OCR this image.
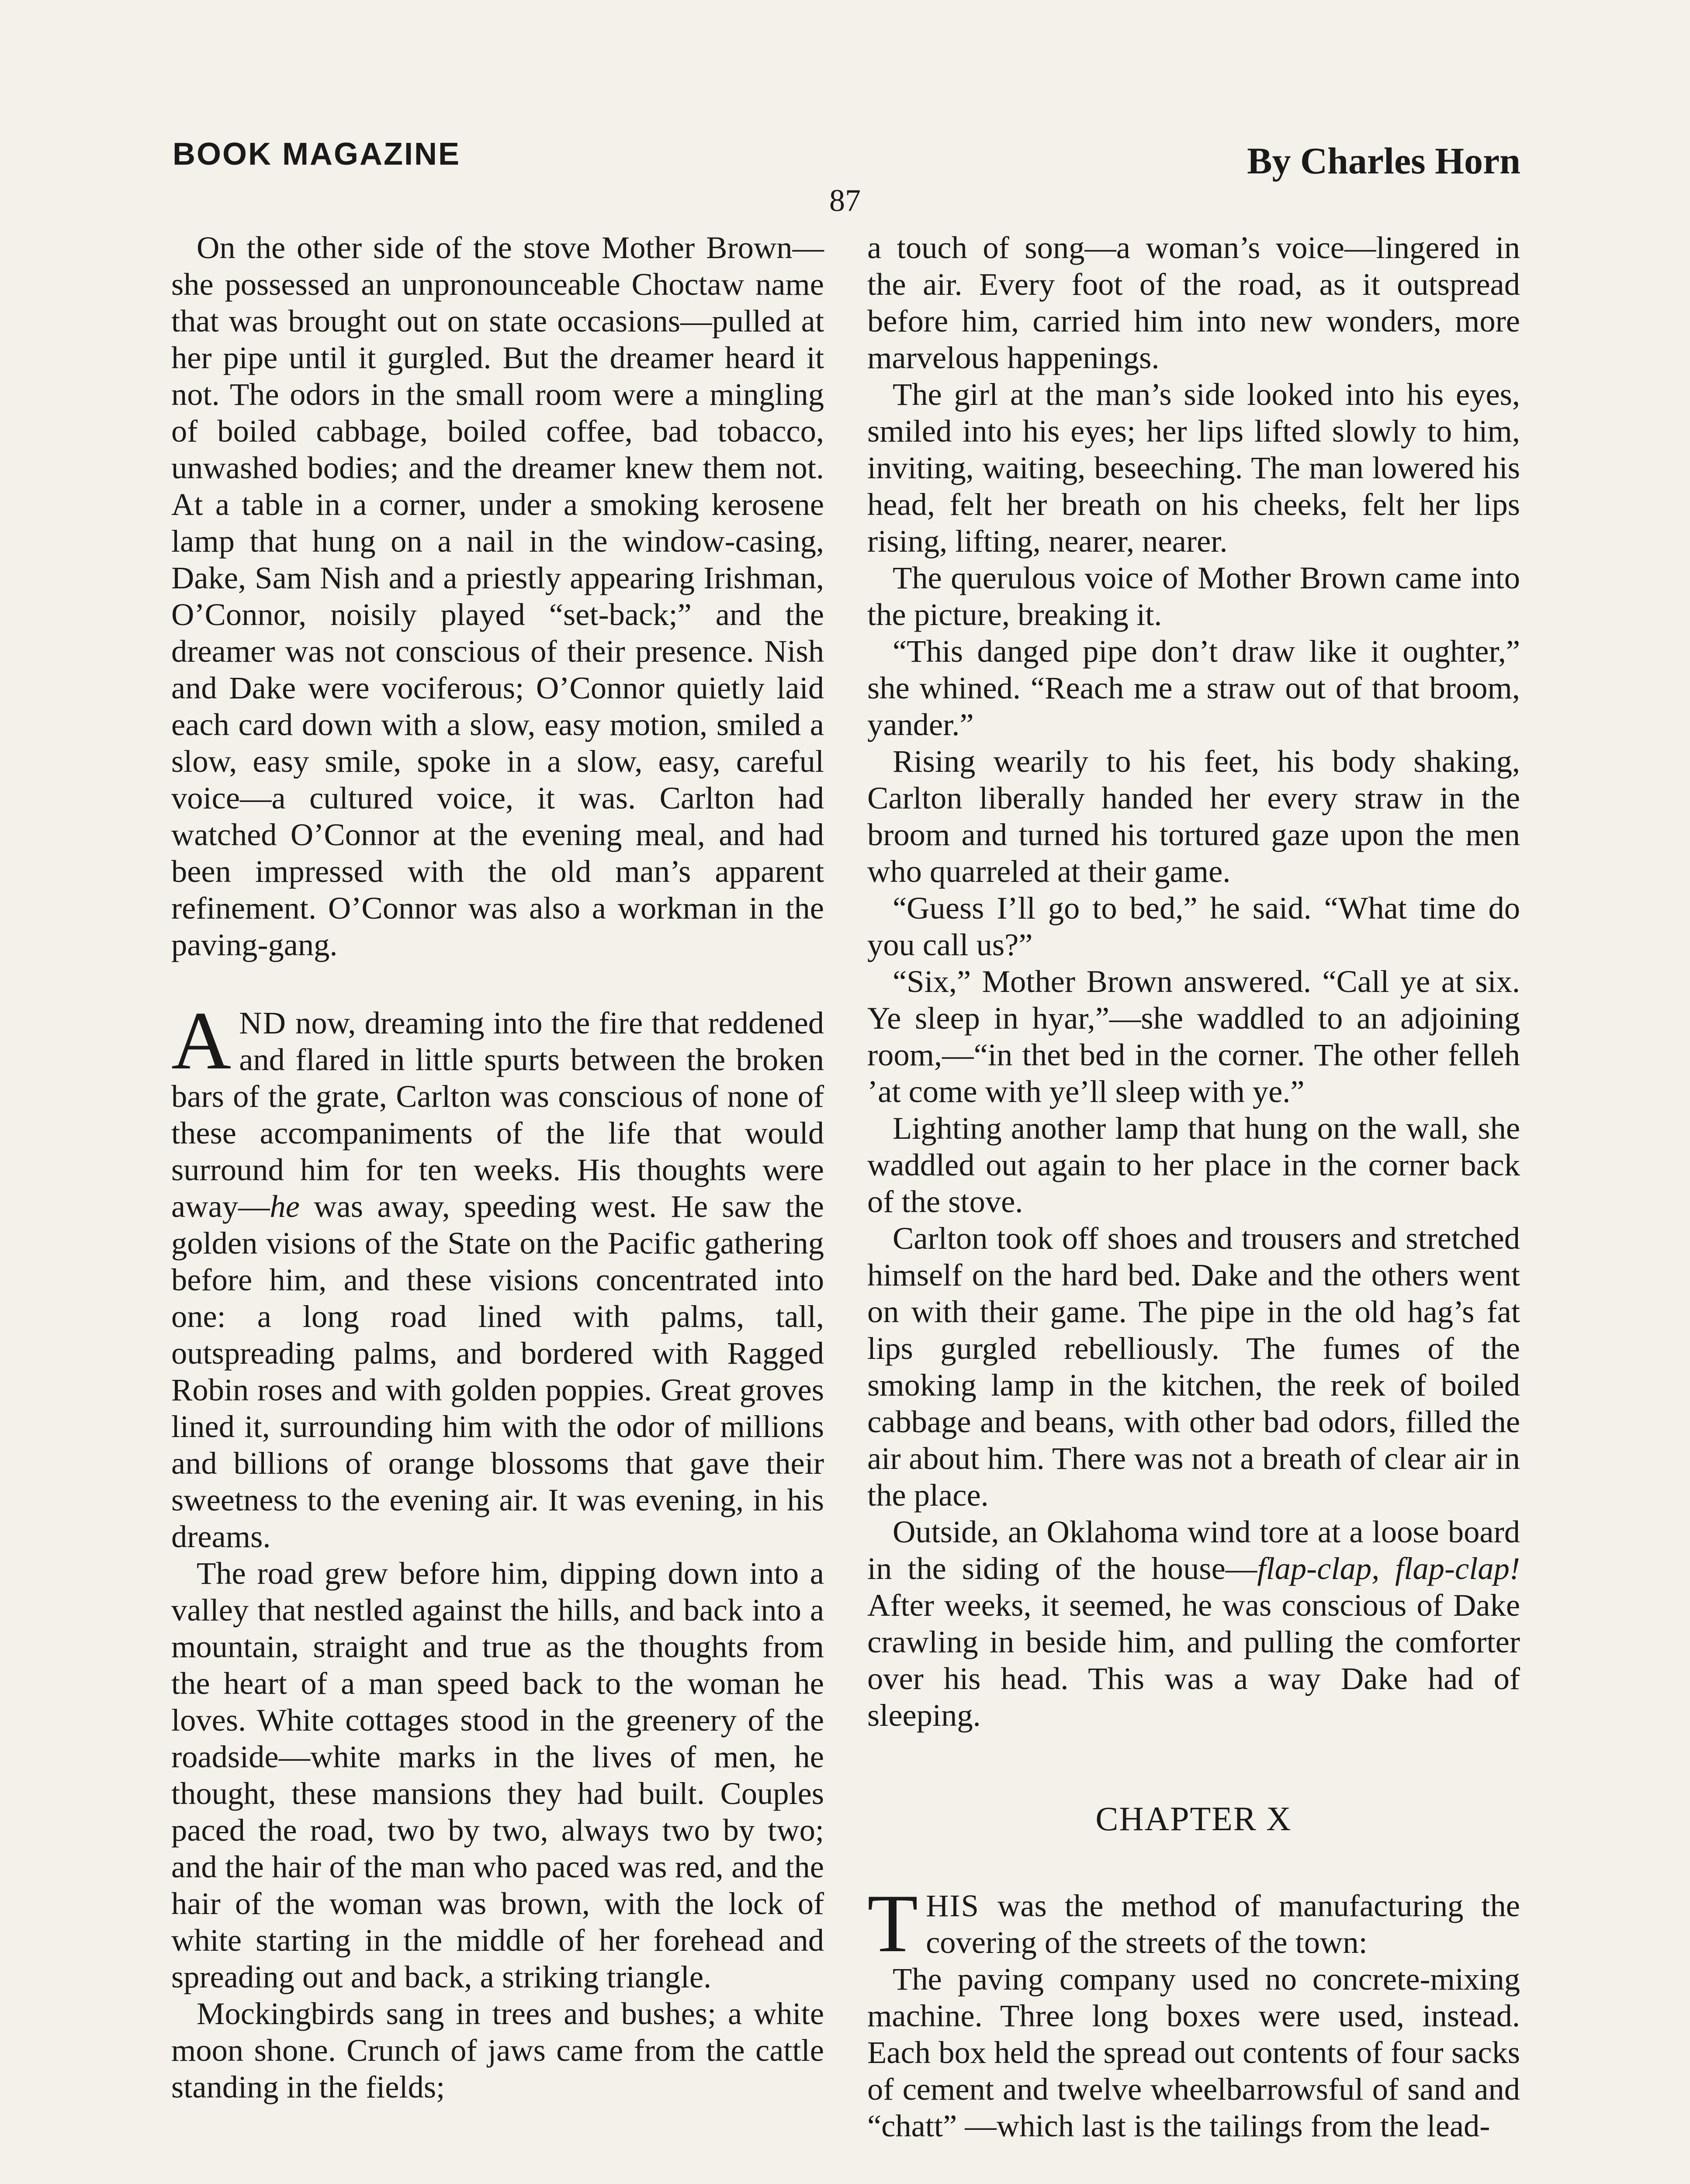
BOOK MAGAZINE	By Charles Horn
87

On the other side of the stove Mother Brown—she possessed an unpronounceable Choctaw name that was brought out on state occasions—pulled at her pipe until it gurgled. But the dreamer heard it not. The odors in the small room were a mingling of boiled cabbage, boiled coffee, bad tobacco, unwashed bodies; and the dreamer knew them not. At a table in a corner, under a smoking kerosene lamp that hung on a nail in the window-casing, Dake, Sam Nish and a priestly appearing Irishman, O’Connor, noisily played “set-back;” and the dreamer was not conscious of their presence. Nish and Dake were vociferous; O’Connor quietly laid each card down with a slow, easy motion, smiled a slow, easy smile, spoke in a slow, easy, careful voice—a cultured voice, it was. Carlton had watched O’Connor at the evening meal, and had been impressed with the old man’s apparent refinement. O’Connor was also a workman in the paving-gang.

AND now, dreaming into the fire that reddened and flared in little spurts between the broken bars of the grate, Carlton was conscious of none of these accompaniments of the life that would surround him for ten weeks. His thoughts were away—he was away, speeding west. He saw the golden visions of the State on the Pacific gathering before him, and these visions concentrated into one: a long road lined with palms, tall, outspreading palms, and bordered with Ragged Robin roses and with golden poppies. Great groves lined it, surrounding him with the odor of millions and billions of orange blossoms that gave their sweetness to the evening air. It was evening, in his dreams.

The road grew before him, dipping down into a valley that nestled against the hills, and back into a mountain, straight and true as the thoughts from the heart of a man speed back to the woman he loves. White cottages stood in the greenery of the roadside—white marks in the lives of men, he thought, these mansions they had built. Couples paced the road, two by two, always two by two; and the hair of the man who paced was red, and the hair of the woman was brown, with the lock of white starting in the middle of her forehead and spreading out and back, a striking triangle.

Mockingbirds sang in trees and bushes; a white moon shone. Crunch of jaws came from the cattle standing in the fields;

a touch of song—a woman’s voice—lingered in the air. Every foot of the road, as it outspread before him, carried him into new wonders, more marvelous happenings.

The girl at the man’s side looked into his eyes, smiled into his eyes; her lips lifted slowly to him, inviting, waiting, beseeching. The man lowered his head, felt her breath on his cheeks, felt her lips rising, lifting, nearer, nearer.

The querulous voice of Mother Brown came into the picture, breaking it.

“This danged pipe don’t draw like it oughter,” she whined. “Reach me a straw out of that broom, yander.”

Rising wearily to his feet, his body shaking, Carlton liberally handed her every straw in the broom and turned his tortured gaze upon the men who quarreled at their game.

“Guess I’ll go to bed,” he said. “What time do you call us?”

“Six,” Mother Brown answered. “Call ye at six. Ye sleep in hyar,”—she waddled to an adjoining room,—“in thet bed in the corner. The other felleh ’at come with ye’ll sleep with ye.”

Lighting another lamp that hung on the wall, she waddled out again to her place in the corner back of the stove.

Carlton took off shoes and trousers and stretched himself on the hard bed. Dake and the others went on with their game. The pipe in the old hag’s fat lips gurgled rebelliously. The fumes of the smoking lamp in the kitchen, the reek of boiled cabbage and beans, with other bad odors, filled the air about him. There was not a breath of clear air in the place.

Outside, an Oklahoma wind tore at a loose board in the siding of the house—flap-clap, flap-clap! After weeks, it seemed, he was conscious of Dake crawling in beside him, and pulling the comforter over his head. This was a way Dake had of sleeping.

CHAPTER X

THIS was the method of manufacturing the covering of the streets of the town:

The paving company used no concrete-mixing machine. Three long boxes were used, instead. Each box held the spread out contents of four sacks of cement and twelve wheelbarrowsful of sand and “chatt” —which last is the tailings from the lead-
